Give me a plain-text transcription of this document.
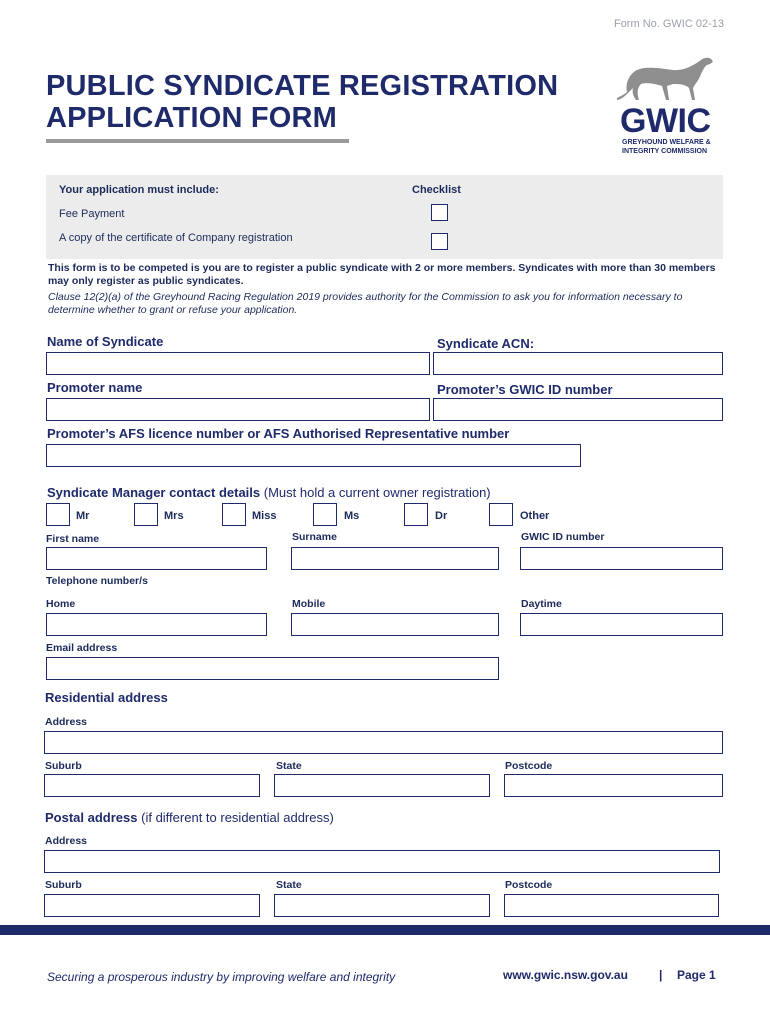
Form No. GWIC 02-13
PUBLIC SYNDICATE REGISTRATION
APPLICATION FORM	GWIC
GREYHOUND WELFARE &
INTEGRITY COMMISSION
Your application must include:	Checklist
Fee Payment
A copy of the certificate of Company registration
This form is to be competed is you are to register a public syndicate with 2 or more members. Syndicates with more than 30 members may only register as public syndicates.
Clause 12(2)(a) of the Greyhound Racing Regulation 2019 provides authority for the Commission to ask you for information necessary to determine whether to grant or refuse your application.
Name of Syndicate	Syndicate ACN:
Promoter name	Promoter’s GWIC ID number
Promoter’s AFS licence number or AFS Authorised Representative number
Syndicate Manager contact details (Must hold a current owner registration)
Mr	Mrs	Miss	Ms	Dr	Other
First name	Surname	GWIC ID number
Telephone number/s
Home	Mobile	Daytime
Email address
Residential address
Address
Suburb	State	Postcode
Postal address (if different to residential address)
Address
Suburb	State	Postcode
Securing a prosperous industry by improving welfare and integrity	www.gwic.nsw.gov.au	| Page 1
